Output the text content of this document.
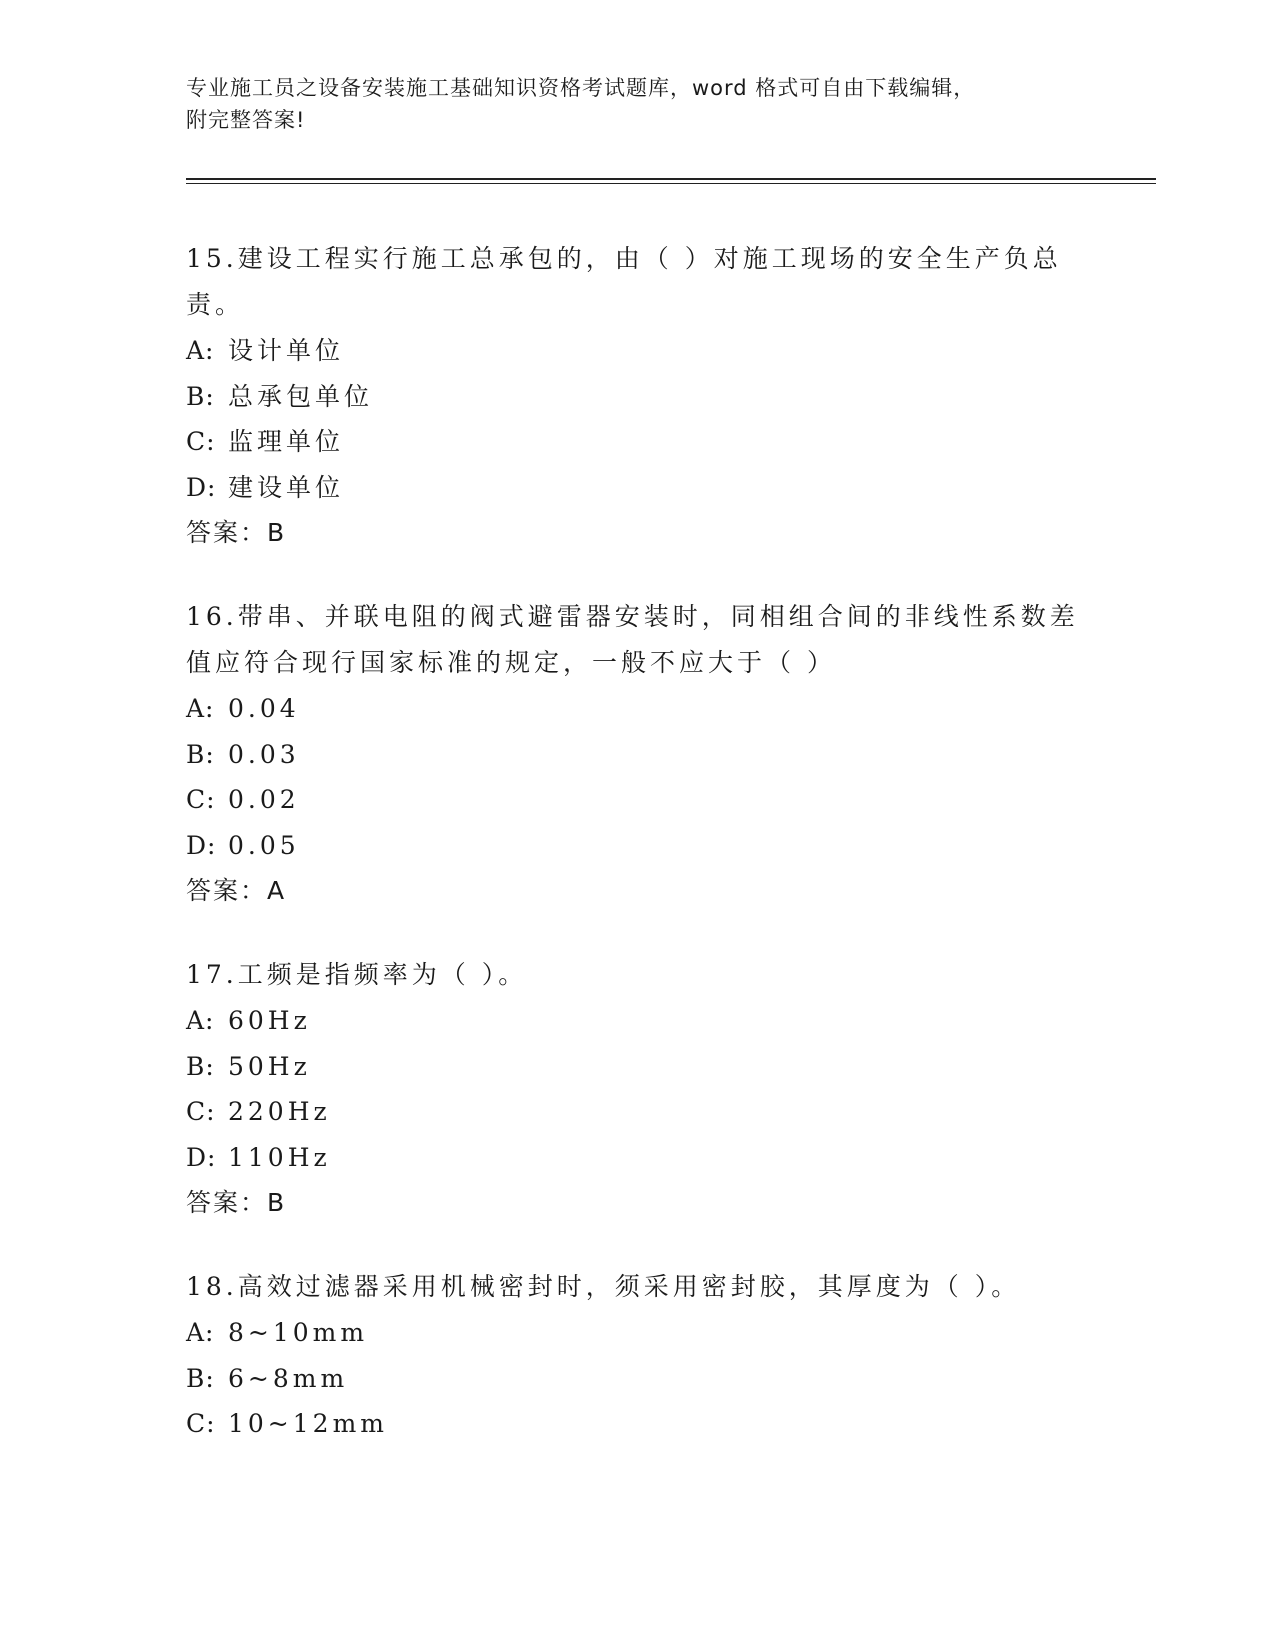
专业施工员之设备安装施工基础知识资格考试题库，word 格式可自由下载编辑，
附完整答案!

15.建设工程实行施工总承包的，由（ ）对施工现场的安全生产负总责。

A: 设计单位

B: 总承包单位

C: 监理单位

D: 建设单位

答案：B

16.带串、并联电阻的阀式避雷器安装时，同相组合间的非线性系数差值应符合现行国家标准的规定，一般不应大于（ ）

A: 0.04

B: 0.03

C: 0.02

D: 0.05

答案：A

17.工频是指频率为（ ）。

A: 60Hz

B: 50Hz

C: 220Hz

D: 110Hz

答案：B

18.高效过滤器采用机械密封时，须采用密封胶，其厚度为（ ）。

A: 8~10mm

B: 6~8mm

C: 10~12mm
